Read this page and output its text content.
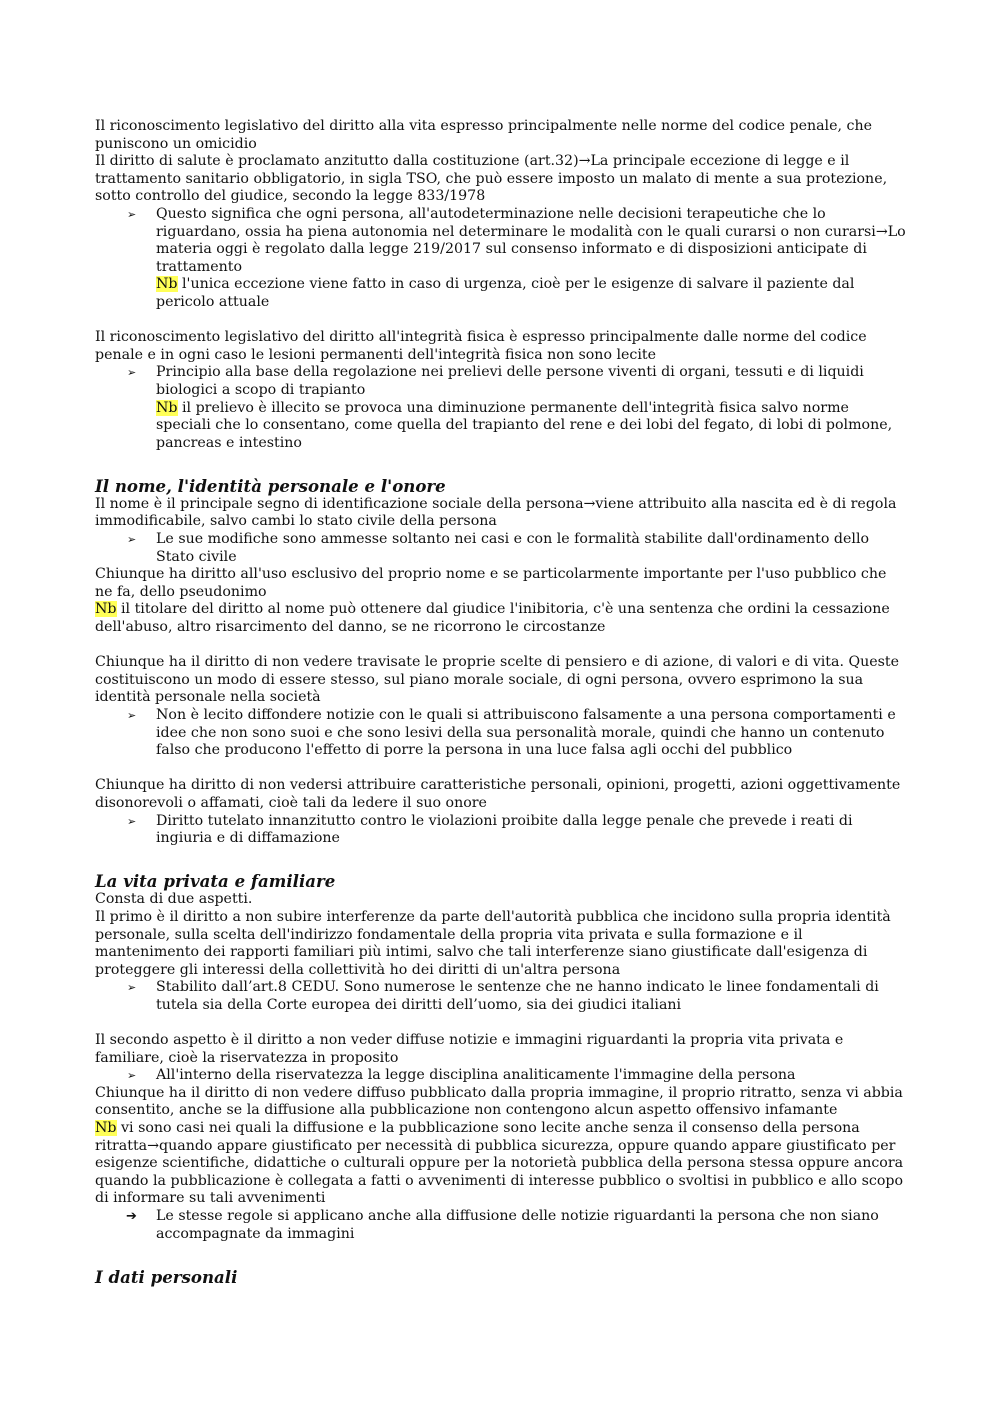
Il riconoscimento legislativo del diritto alla vita espresso principalmente nelle norme del codice penale, che puniscono un omicidio

Il diritto di salute è proclamato anzitutto dalla costituzione (art.32)→La principale eccezione di legge e il trattamento sanitario obbligatorio, in sigla TSO, che può essere imposto un malato di mente a sua protezione, sotto controllo del giudice, secondo la legge 833/1978

➢ Questo significa che ogni persona, all'autodeterminazione nelle decisioni terapeutiche che lo riguardano, ossia ha piena autonomia nel determinare le modalità con le quali curarsi o non curarsi→Lo materia oggi è regolato dalla legge 219/2017 sul consenso informato e di disposizioni anticipate di trattamento
Nb l'unica eccezione viene fatto in caso di urgenza, cioè per le esigenze di salvare il paziente dal pericolo attuale

Il riconoscimento legislativo del diritto all'integrità fisica è espresso principalmente dalle norme del codice penale e in ogni caso le lesioni permanenti dell'integrità fisica non sono lecite

➢ Principio alla base della regolazione nei prelievi delle persone viventi di organi, tessuti e di liquidi biologici a scopo di trapianto
Nb il prelievo è illecito se provoca una diminuzione permanente dell'integrità fisica salvo norme speciali che lo consentano, come quella del trapianto del rene e dei lobi del fegato, di lobi di polmone, pancreas e intestino

Il nome, l'identità personale e l'onore

Il nome è il principale segno di identificazione sociale della persona→viene attribuito alla nascita ed è di regola immodificabile, salvo cambi lo stato civile della persona

➢ Le sue modifiche sono ammesse soltanto nei casi e con le formalità stabilite dall'ordinamento dello Stato civile

Chiunque ha diritto all'uso esclusivo del proprio nome e se particolarmente importante per l'uso pubblico che ne fa, dello pseudonimo

Nb il titolare del diritto al nome può ottenere dal giudice l'inibitoria, c'è una sentenza che ordini la cessazione dell'abuso, altro risarcimento del danno, se ne ricorrono le circostanze

Chiunque ha il diritto di non vedere travisate le proprie scelte di pensiero e di azione, di valori e di vita. Queste costituiscono un modo di essere stesso, sul piano morale sociale, di ogni persona, ovvero esprimono la sua identità personale nella società

➢ Non è lecito diffondere notizie con le quali si attribuiscono falsamente a una persona comportamenti e idee che non sono suoi e che sono lesivi della sua personalità morale, quindi che hanno un contenuto falso che producono l'effetto di porre la persona in una luce falsa agli occhi del pubblico

Chiunque ha diritto di non vedersi attribuire caratteristiche personali, opinioni, progetti, azioni oggettivamente disonorevoli o affamati, cioè tali da ledere il suo onore

➢ Diritto tutelato innanzitutto contro le violazioni proibite dalla legge penale che prevede i reati di ingiuria e di diffamazione

La vita privata e familiare

Consta di due aspetti.

Il primo è il diritto a non subire interferenze da parte dell'autorità pubblica che incidono sulla propria identità personale, sulla scelta dell'indirizzo fondamentale della propria vita privata e sulla formazione e il mantenimento dei rapporti familiari più intimi, salvo che tali interferenze siano giustificate dall'esigenza di proteggere gli interessi della collettività ho dei diritti di un'altra persona

➢ Stabilito dall’art.8 CEDU. Sono numerose le sentenze che ne hanno indicato le linee fondamentali di tutela sia della Corte europea dei diritti dell’uomo, sia dei giudici italiani

Il secondo aspetto è il diritto a non veder diffuse notizie e immagini riguardanti la propria vita privata e familiare, cioè la riservatezza in proposito

➢ All'interno della riservatezza la legge disciplina analiticamente l'immagine della persona

Chiunque ha il diritto di non vedere diffuso pubblicato dalla propria immagine, il proprio ritratto, senza vi abbia consentito, anche se la diffusione alla pubblicazione non contengono alcun aspetto offensivo infamante

Nb vi sono casi nei quali la diffusione e la pubblicazione sono lecite anche senza il consenso della persona ritratta→quando appare giustificato per necessità di pubblica sicurezza, oppure quando appare giustificato per esigenze scientifiche, didattiche o culturali oppure per la notorietà pubblica della persona stessa oppure ancora quando la pubblicazione è collegata a fatti o avvenimenti di interesse pubblico o svoltisi in pubblico e allo scopo di informare su tali avvenimenti

➔ Le stesse regole si applicano anche alla diffusione delle notizie riguardanti la persona che non siano accompagnate da immagini

I dati personali
